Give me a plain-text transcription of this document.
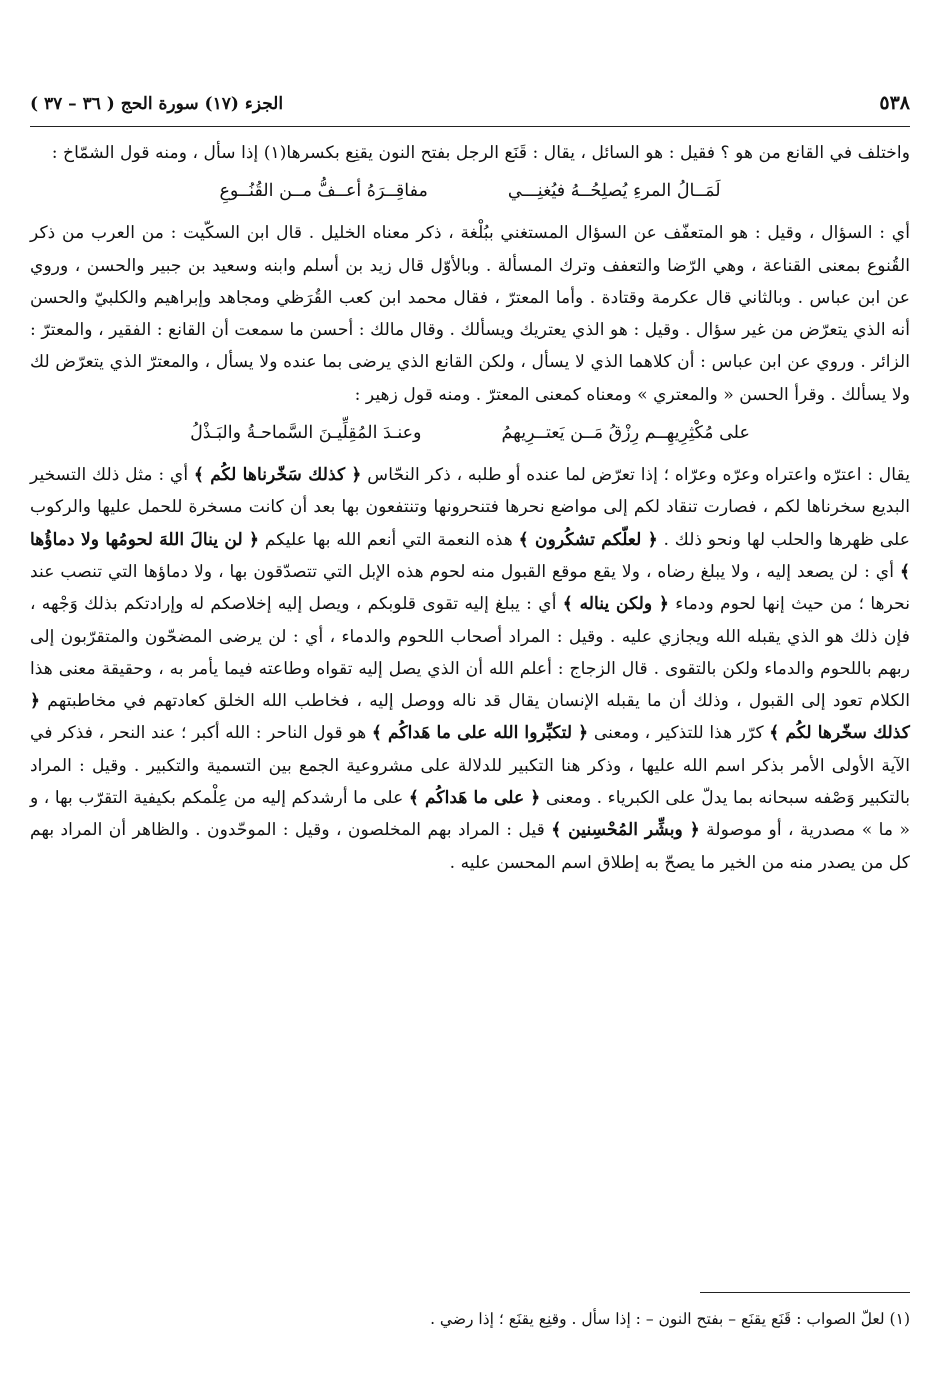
٥٣٨
الجزء (١٧) سورة الحج ( ٣٦ – ٣٧ )

واختلف في القانع من هو ؟ فقيل : هو السائل ، يقال : قَنَع الرجل بفتح النون يقنِع بكسرها(١) إذا سأل ، ومنه قول الشمّاخ :

لَمَــالُ المرءِ يُصلِحُــهُ فيُغنِـــي
مفاقِــرَهُ أعــفُّ مــن القُنُــوعِ

أي : السؤال ، وقيل : هو المتعفّف عن السؤال المستغني ببُلْغة ، ذكر معناه الخليل . قال ابن السكّيت : من العرب من ذكر القُنوع بمعنى القناعة ، وهي الرّضا والتعفف وترك المسألة . وبالأوّل قال زيد بن أسلم وابنه وسعيد بن جبير والحسن ، وروي عن ابن عباس . وبالثاني قال عكرمة وقتادة . وأما المعترّ ، فقال محمد ابن كعب القُرَظي ومجاهد وإبراهيم والكلبيّ والحسن أنه الذي يتعرّض من غير سؤال . وقيل : هو الذي يعتريك ويسألك . وقال مالك : أحسن ما سمعت أن القانع : الفقير ، والمعترّ : الزائر . وروي عن ابن عباس : أن كلاهما الذي لا يسأل ، ولكن القانع الذي يرضى بما عنده ولا يسأل ، والمعترّ الذي يتعرّض لك ولا يسألك . وقرأ الحسن « والمعتري » ومعناه كمعنى المعترّ . ومنه قول زهير :

على مُكْثِرِيهِــم رِزْقُ مَــن يَعتــرِيهمُ
وعنـدَ المُقِلِّيـنَ السَّماحـةُ والبَـذْلُ

يقال : اعترّه واعتراه وعرّه وعرّاه ؛ إذا تعرّض لما عنده أو طلبه ، ذكر النحّاس ﴿ كذلك سَخّرناها لكُم ﴾ أي : مثل ذلك التسخير البديع سخرناها لكم ، فصارت تنقاد لكم إلى مواضع نحرها فتنحرونها وتنتفعون بها بعد أن كانت مسخرة للحمل عليها والركوب على ظهرها والحلب لها ونحو ذلك . ﴿ لعلّكم تشكُرون ﴾ هذه النعمة التي أنعم الله بها عليكم ﴿ لن ينالَ اللهَ لحومُها ولا دماؤُها ﴾ أي : لن يصعد إليه ، ولا يبلغ رضاه ، ولا يقع موقع القبول منه لحوم هذه الإبل التي تتصدّقون بها ، ولا دماؤها التي تنصب عند نحرها ؛ من حيث إنها لحوم ودماء ﴿ ولكن يناله ﴾ أي : يبلغ إليه تقوى قلوبكم ، ويصل إليه إخلاصكم له وإرادتكم بذلك وَجْهه ، فإن ذلك هو الذي يقبله الله ويجازي عليه . وقيل : المراد أصحاب اللحوم والدماء ، أي : لن يرضى المضحّون والمتقرّبون إلى ربهم باللحوم والدماء ولكن بالتقوى . قال الزجاج : أعلم الله أن الذي يصل إليه تقواه وطاعته فيما يأمر به ، وحقيقة معنى هذا الكلام تعود إلى القبول ، وذلك أن ما يقبله الإنسان يقال قد ناله ووصل إليه ، فخاطب الله الخلق كعادتهم في مخاطبتهم ﴿ كذلك سخّرها لكُم ﴾ كرّر هذا للتذكير ، ومعنى ﴿ لتكبِّروا الله على ما هَداكُم ﴾ هو قول الناحر : الله أكبر ؛ عند النحر ، فذكر في الآية الأولى الأمر بذكر اسم الله عليها ، وذكر هنا التكبير للدلالة على مشروعية الجمع بين التسمية والتكبير . وقيل : المراد بالتكبير وَصْفه سبحانه بما يدلّ على الكبرياء . ومعنى ﴿ على ما هَداكُم ﴾ على ما أرشدكم إليه من عِلْمكم بكيفية التقرّب بها ، و « ما » مصدرية ، أو موصولة ﴿ وبشِّر المُحْسِنين ﴾ قيل : المراد بهم المخلصون ، وقيل : الموحّدون . والظاهر أن المراد بهم كل من يصدر منه من الخير ما يصحّ به إطلاق اسم المحسن عليه .

(١) لعلّ الصواب : قَنَع يقنَع – بفتح النون – : إذا سأل . وقنِع يقنَع ؛ إذا رضي .
